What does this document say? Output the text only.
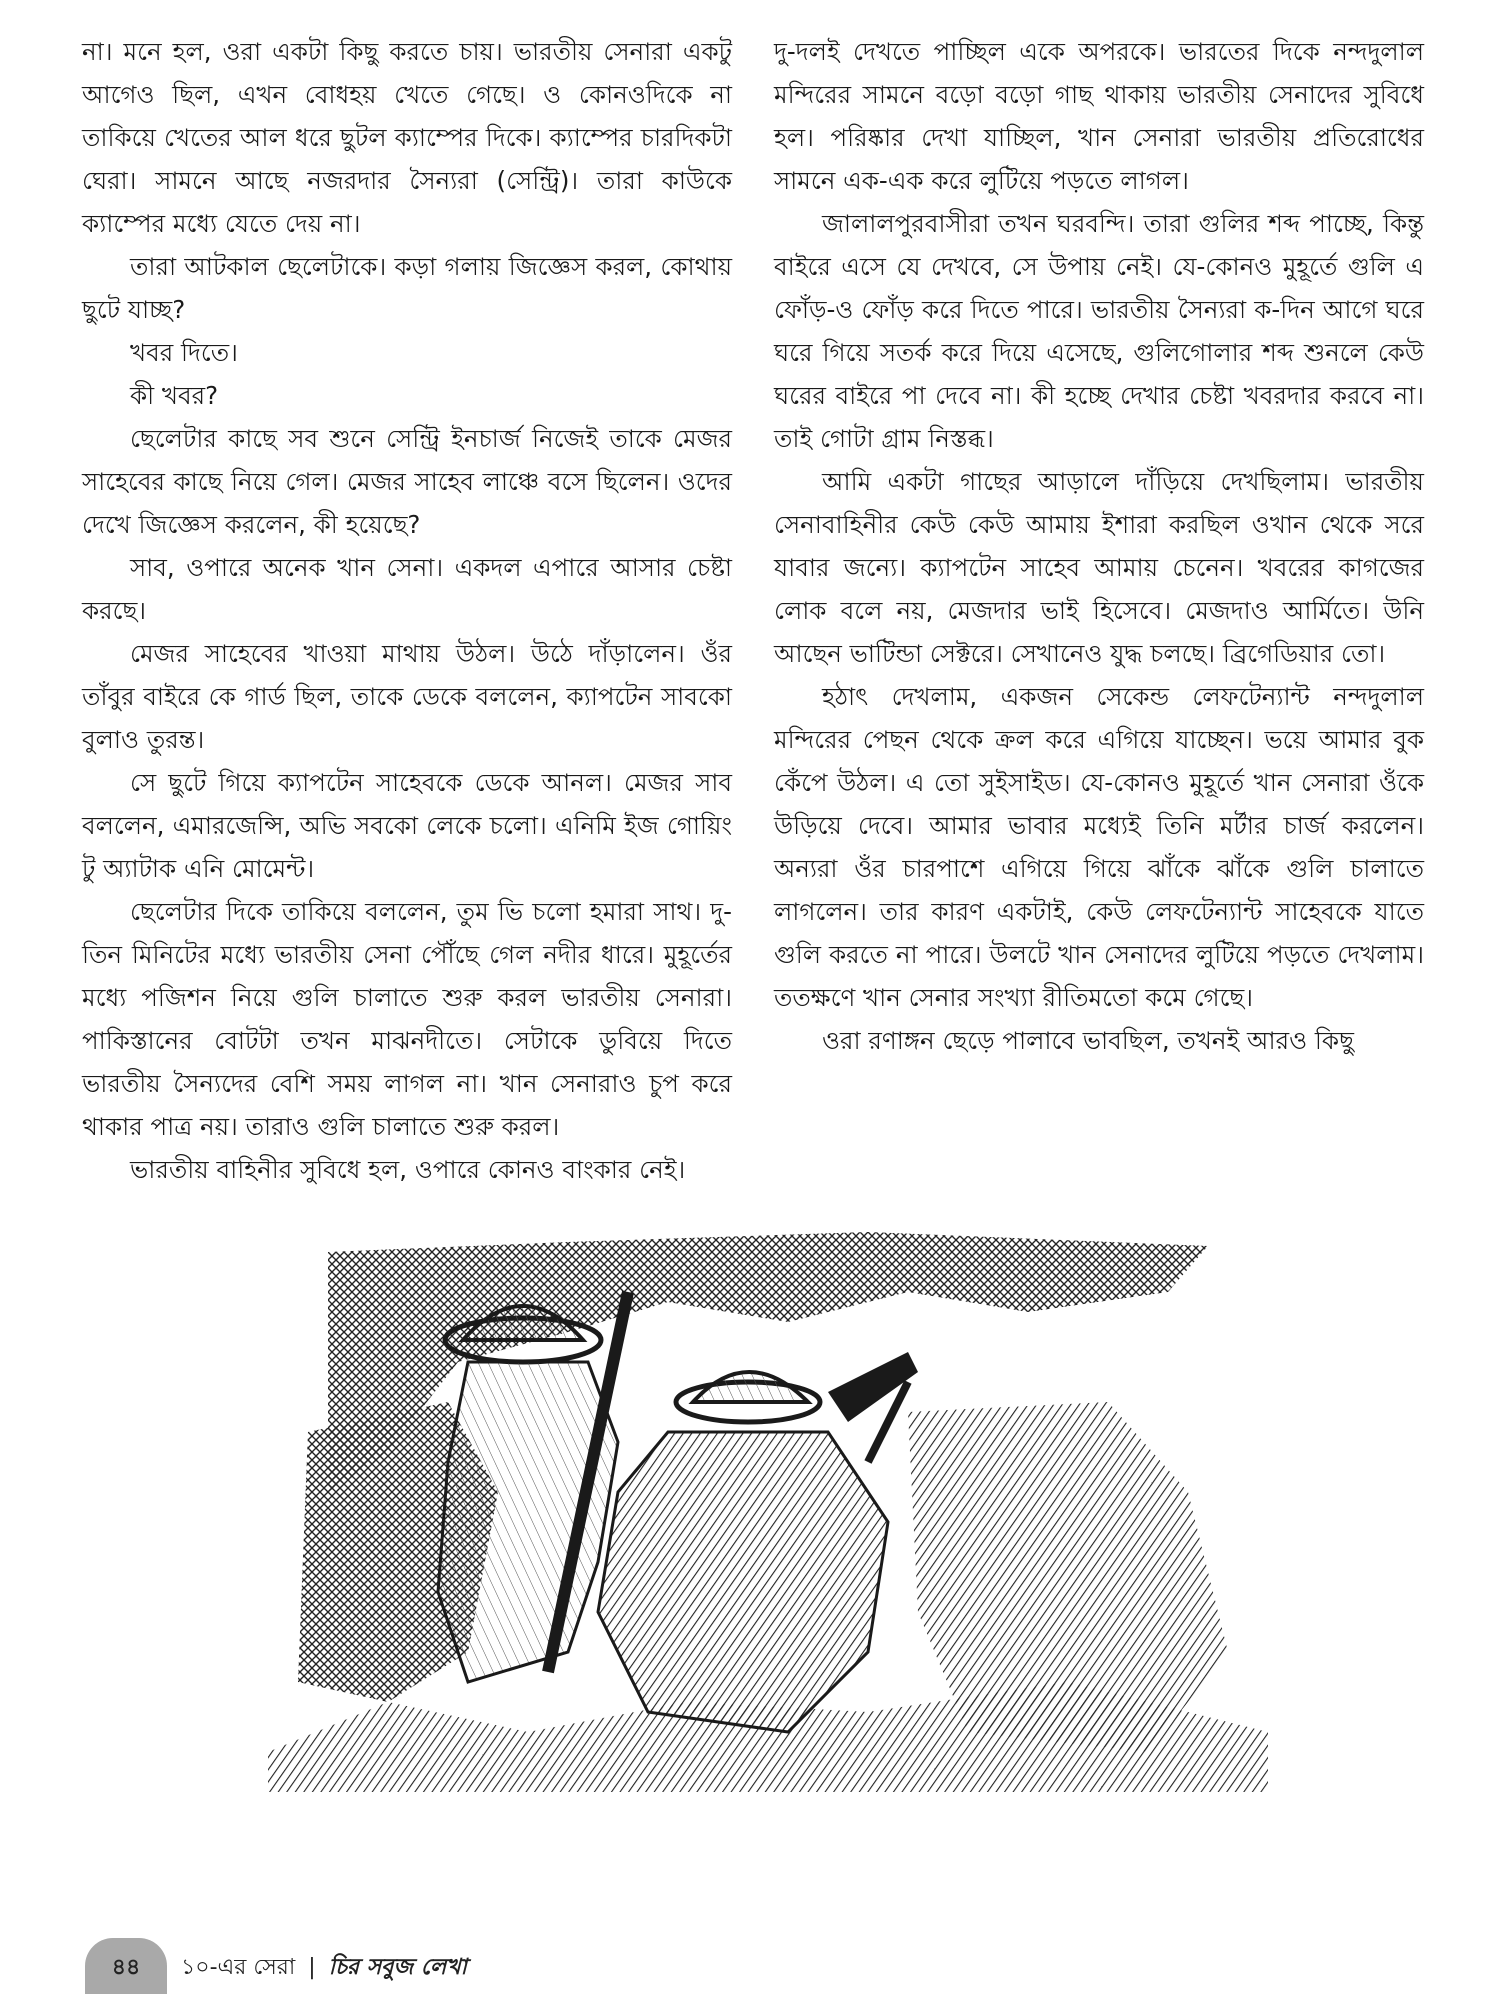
না। মনে হল, ওরা একটা কিছু করতে চায়। ভারতীয় সেনারা একটু আগেও ছিল, এখন বোধহয় খেতে গেছে। ও কোনওদিকে না তাকিয়ে খেতের আল ধরে ছুটল ক্যাম্পের দিকে। ক্যাম্পের চারদিকটা ঘেরা। সামনে আছে নজরদার সৈন্যরা (সেন্ট্রি)। তারা কাউকে ক্যাম্পের মধ্যে যেতে দেয় না।

তারা আটকাল ছেলেটাকে। কড়া গলায় জিজ্ঞেস করল, কোথায় ছুটে যাচ্ছ?

খবর দিতে।

কী খবর?

ছেলেটার কাছে সব শুনে সেন্ট্রি ইনচার্জ নিজেই তাকে মেজর সাহেবের কাছে নিয়ে গেল। মেজর সাহেব লাঞ্চে বসে ছিলেন। ওদের দেখে জিজ্ঞেস করলেন, কী হয়েছে?

সাব, ওপারে অনেক খান সেনা। একদল এপারে আসার চেষ্টা করছে।

মেজর সাহেবের খাওয়া মাথায় উঠল। উঠে দাঁড়ালেন। ওঁর তাঁবুর বাইরে কে গার্ড ছিল, তাকে ডেকে বললেন, ক্যাপটেন সাবকো বুলাও তুরন্ত।

সে ছুটে গিয়ে ক্যাপটেন সাহেবকে ডেকে আনল। মেজর সাব বললেন, এমারজেন্সি, অভি সবকো লেকে চলো। এনিমি ইজ গোয়িং টু অ্যাটাক এনি মোমেন্ট।

ছেলেটার দিকে তাকিয়ে বললেন, তুম ভি চলো হমারা সাথ। দু-তিন মিনিটের মধ্যে ভারতীয় সেনা পৌঁছে গেল নদীর ধারে। মুহূর্তের মধ্যে পজিশন নিয়ে গুলি চালাতে শুরু করল ভারতীয় সেনারা। পাকিস্তানের বোটটা তখন মাঝনদীতে। সেটাকে ডুবিয়ে দিতে ভারতীয় সৈন্যদের বেশি সময় লাগল না। খান সেনারাও চুপ করে থাকার পাত্র নয়। তারাও গুলি চালাতে শুরু করল।

ভারতীয় বাহিনীর সুবিধে হল, ওপারে কোনও বাংকার নেই।

দু-দলই দেখতে পাচ্ছিল একে অপরকে। ভারতের দিকে নন্দদুলাল মন্দিরের সামনে বড়ো বড়ো গাছ থাকায় ভারতীয় সেনাদের সুবিধে হল। পরিষ্কার দেখা যাচ্ছিল, খান সেনারা ভারতীয় প্রতিরোধের সামনে এক-এক করে লুটিয়ে পড়তে লাগল।

জালালপুরবাসীরা তখন ঘরবন্দি। তারা গুলির শব্দ পাচ্ছে, কিন্তু বাইরে এসে যে দেখবে, সে উপায় নেই। যে-কোনও মুহূর্তে গুলি এ ফোঁড়-ও ফোঁড় করে দিতে পারে। ভারতীয় সৈন্যরা ক-দিন আগে ঘরে ঘরে গিয়ে সতর্ক করে দিয়ে এসেছে, গুলিগোলার শব্দ শুনলে কেউ ঘরের বাইরে পা দেবে না। কী হচ্ছে দেখার চেষ্টা খবরদার করবে না। তাই গোটা গ্রাম নিস্তব্ধ।

আমি একটা গাছের আড়ালে দাঁড়িয়ে দেখছিলাম। ভারতীয় সেনাবাহিনীর কেউ কেউ আমায় ইশারা করছিল ওখান থেকে সরে যাবার জন্যে। ক্যাপটেন সাহেব আমায় চেনেন। খবরের কাগজের লোক বলে নয়, মেজদার ভাই হিসেবে। মেজদাও আর্মিতে। উনি আছেন ভাটিন্ডা সেক্টরে। সেখানেও যুদ্ধ চলছে। ব্রিগেডিয়ার তো।

হঠাৎ দেখলাম, একজন সেকেন্ড লেফটেন্যান্ট নন্দদুলাল মন্দিরের পেছন থেকে ক্রল করে এগিয়ে যাচ্ছেন। ভয়ে আমার বুক কেঁপে উঠল। এ তো সুইসাইড। যে-কোনও মুহূর্তে খান সেনারা ওঁকে উড়িয়ে দেবে। আমার ভাবার মধ্যেই তিনি মর্টার চার্জ করলেন। অন্যরা ওঁর চারপাশে এগিয়ে গিয়ে ঝাঁকে ঝাঁকে গুলি চালাতে লাগলেন। তার কারণ একটাই, কেউ লেফটেন্যান্ট সাহেবকে যাতে গুলি করতে না পারে। উলটে খান সেনাদের লুটিয়ে পড়তে দেখলাম। ততক্ষণে খান সেনার সংখ্যা রীতিমতো কমে গেছে।

ওরা রণাঙ্গন ছেড়ে পালাবে ভাবছিল, তখনই আরও কিছু

৪৪	১০-এর সেরা | চির সবুজ লেখা
